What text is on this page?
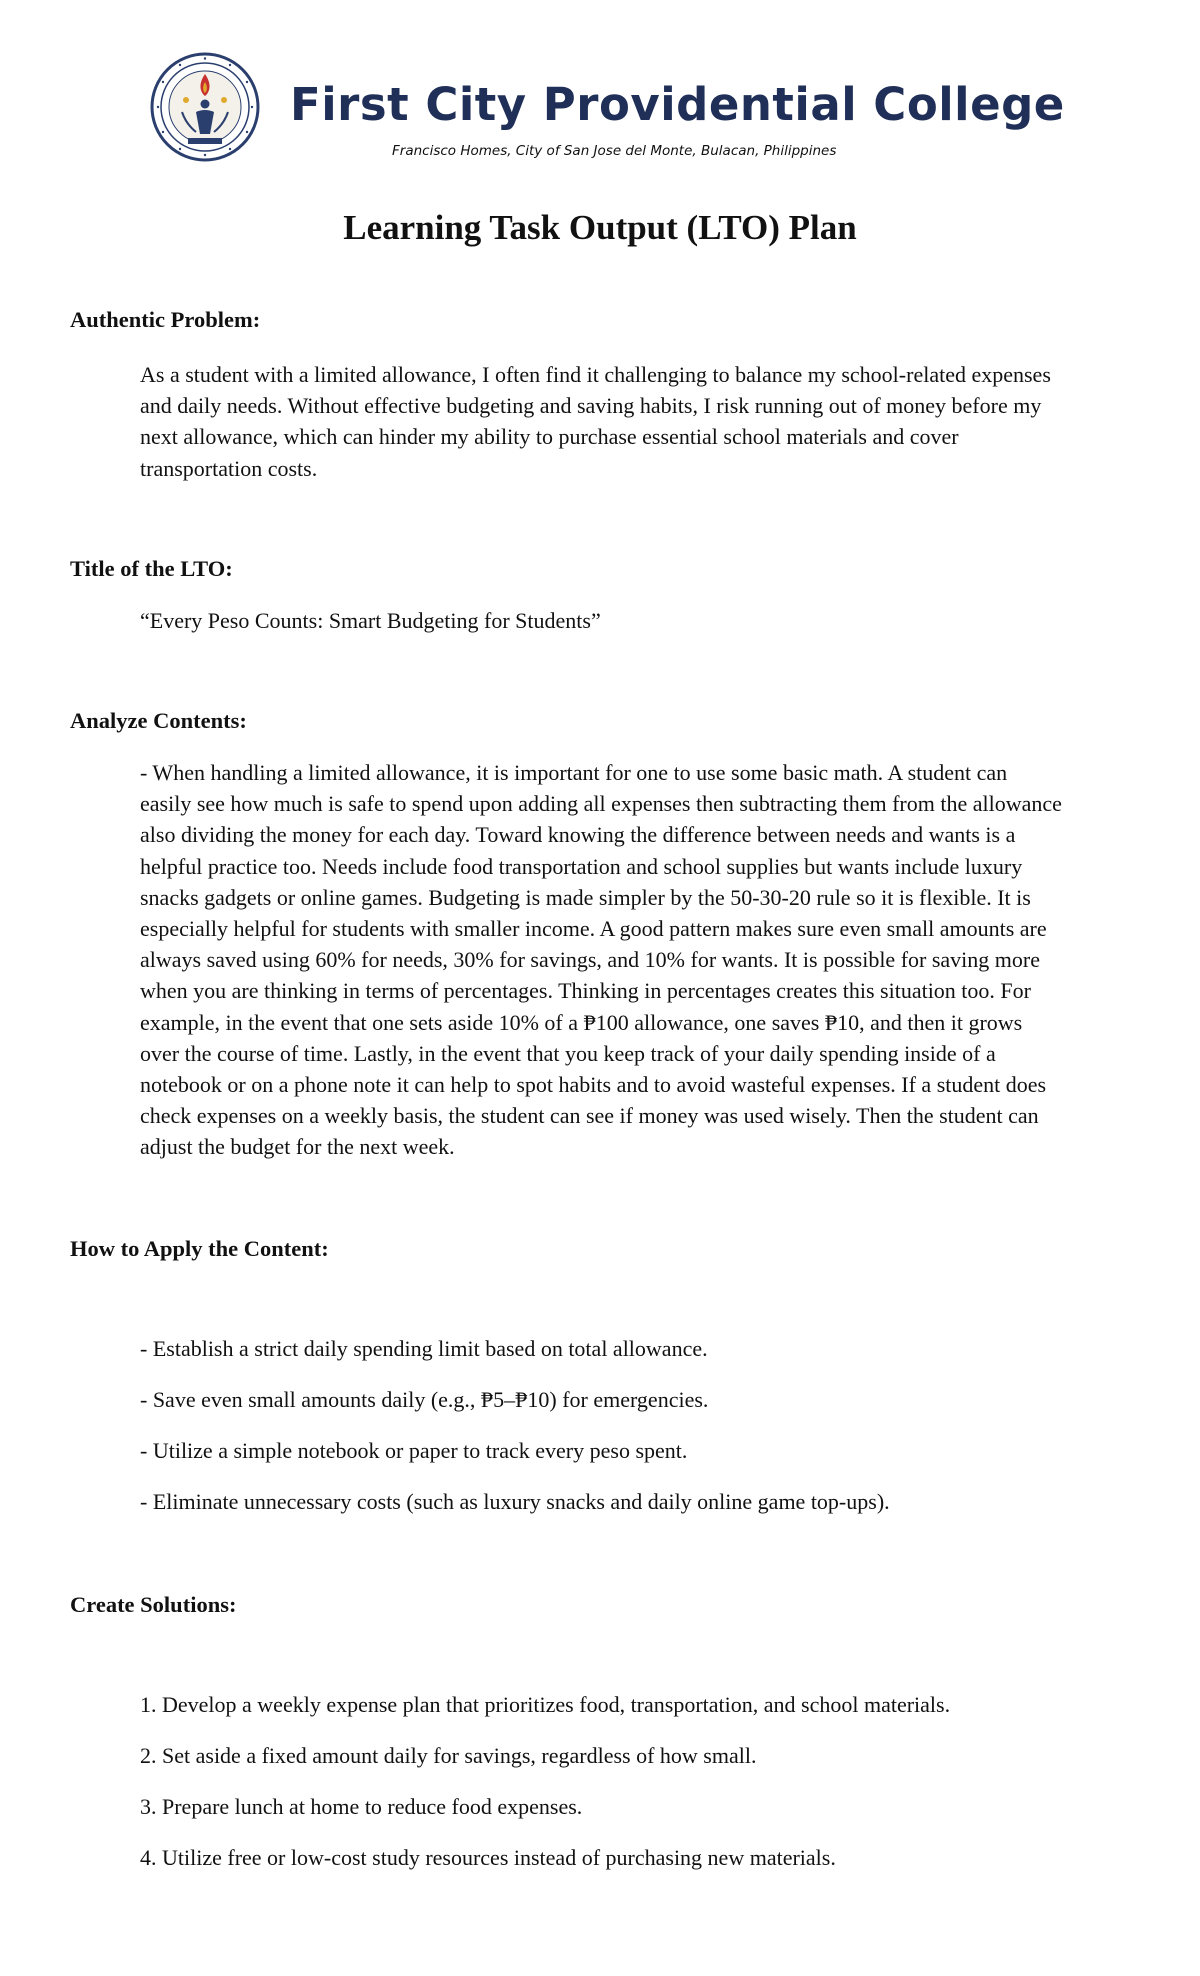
First City Providential College
Francisco Homes, City of San Jose del Monte, Bulacan, Philippines
Learning Task Output (LTO) Plan
Authentic Problem:
As a student with a limited allowance, I often find it challenging to balance my school-related expenses
and daily needs. Without effective budgeting and saving habits, I risk running out of money before my
next allowance, which can hinder my ability to purchase essential school materials and cover
transportation costs.
Title of the LTO:
“Every Peso Counts: Smart Budgeting for Students”
Analyze Contents:
- When handling a limited allowance, it is important for one to use some basic math. A student can
easily see how much is safe to spend upon adding all expenses then subtracting them from the allowance
also dividing the money for each day. Toward knowing the difference between needs and wants is a
helpful practice too. Needs include food transportation and school supplies but wants include luxury
snacks gadgets or online games. Budgeting is made simpler by the 50-30-20 rule so it is flexible. It is
especially helpful for students with smaller income. A good pattern makes sure even small amounts are
always saved using 60% for needs, 30% for savings, and 10% for wants. It is possible for saving more
when you are thinking in terms of percentages. Thinking in percentages creates this situation too. For
example, in the event that one sets aside 10% of a ₱100 allowance, one saves ₱10, and then it grows
over the course of time. Lastly, in the event that you keep track of your daily spending inside of a
notebook or on a phone note it can help to spot habits and to avoid wasteful expenses. If a student does
check expenses on a weekly basis, the student can see if money was used wisely. Then the student can
adjust the budget for the next week.
How to Apply the Content:
- Establish a strict daily spending limit based on total allowance.
- Save even small amounts daily (e.g., ₱5–₱10) for emergencies.
- Utilize a simple notebook or paper to track every peso spent.
- Eliminate unnecessary costs (such as luxury snacks and daily online game top-ups).
Create Solutions:
1. Develop a weekly expense plan that prioritizes food, transportation, and school materials.
2. Set aside a fixed amount daily for savings, regardless of how small.
3. Prepare lunch at home to reduce food expenses.
4. Utilize free or low-cost study resources instead of purchasing new materials.
